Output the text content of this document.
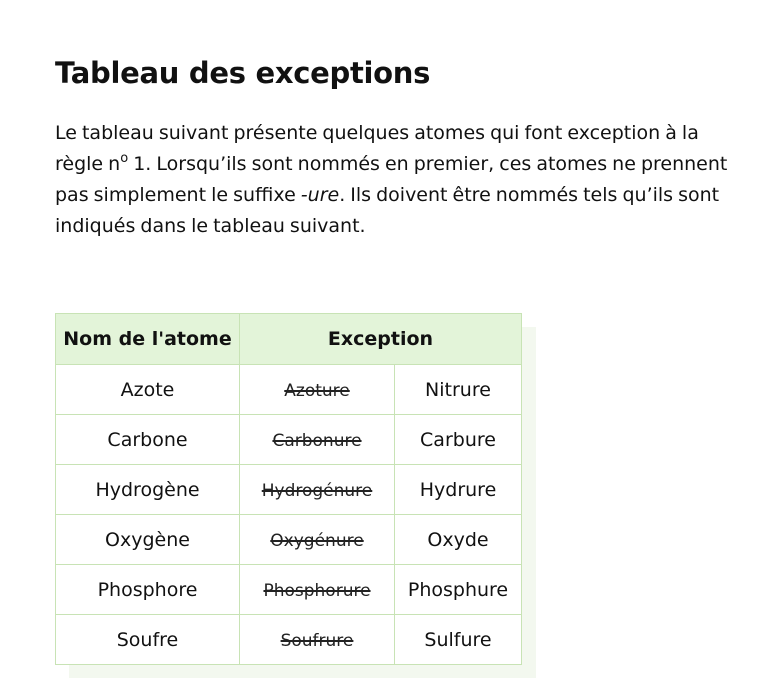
Tableau des exceptions

Le tableau suivant présente quelques atomes qui font exception à la règle $n^o$ 1. Lorsqu’ils sont nommés en premier, ces atomes ne prennent pas simplement le suffixe -ure. Ils doivent être nommés tels qu’ils sont indiqués dans le tableau suivant.

Nom de l'atome	Exception	
Azote	Azoture	Nitrure
Carbone	Carbonure	Carbure
Hydrogène	Hydrogénure	Hydrure
Oxygène	Oxygénure	Oxyde
Phosphore	Phosphorure	Phosphure
Soufre	Soufrure	Sulfure
